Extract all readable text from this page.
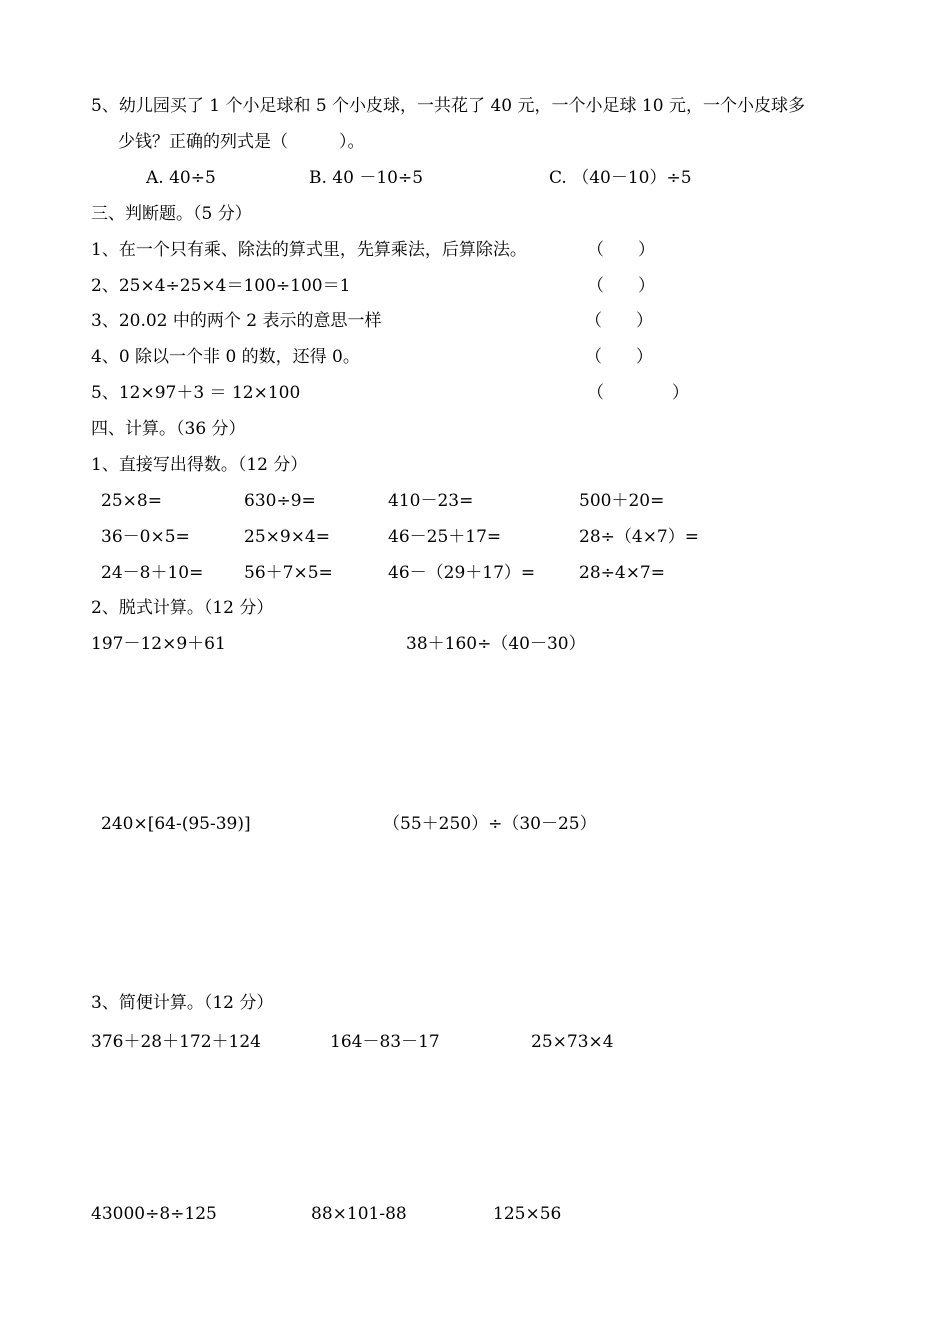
5、幼儿园买了 1 个小足球和 5 个小皮球，一共花了 40 元，一个小足球 10 元，一个小皮球多
少钱？正确的列式是（　　　）。
A. 40÷5	B. 40 －10÷5	C. （40－10）÷5
三、判断题。（5 分）
1、在一个只有乘、除法的算式里，先算乘法，后算除法。	（　　）
2、25×4÷25×4＝100÷100＝1	（　　）
3、20.02 中的两个 2 表示的意思一样	（　　）
4、0 除以一个非 0 的数，还得 0。	（　　）
5、12×97＋3 ＝ 12×100	（　　　　）
四、计算。（36 分）
1、直接写出得数。（12 分）
25×8=	630÷9=	410－23=	500＋20=
36－0×5=	25×9×4=	46－25＋17=	28÷（4×7）=
24－8＋10= 56＋7×5=	46－（29＋17）=	28÷4×7=
2、脱式计算。（12 分）
197－12×9＋61	38＋160÷（40－30）
240×[64-(95-39)]	（55＋250）÷（30－25）
3、简便计算。（12 分）
376＋28＋172＋124	164－83－17	25×73×4
43000÷8÷125	88×101-88	125×56
